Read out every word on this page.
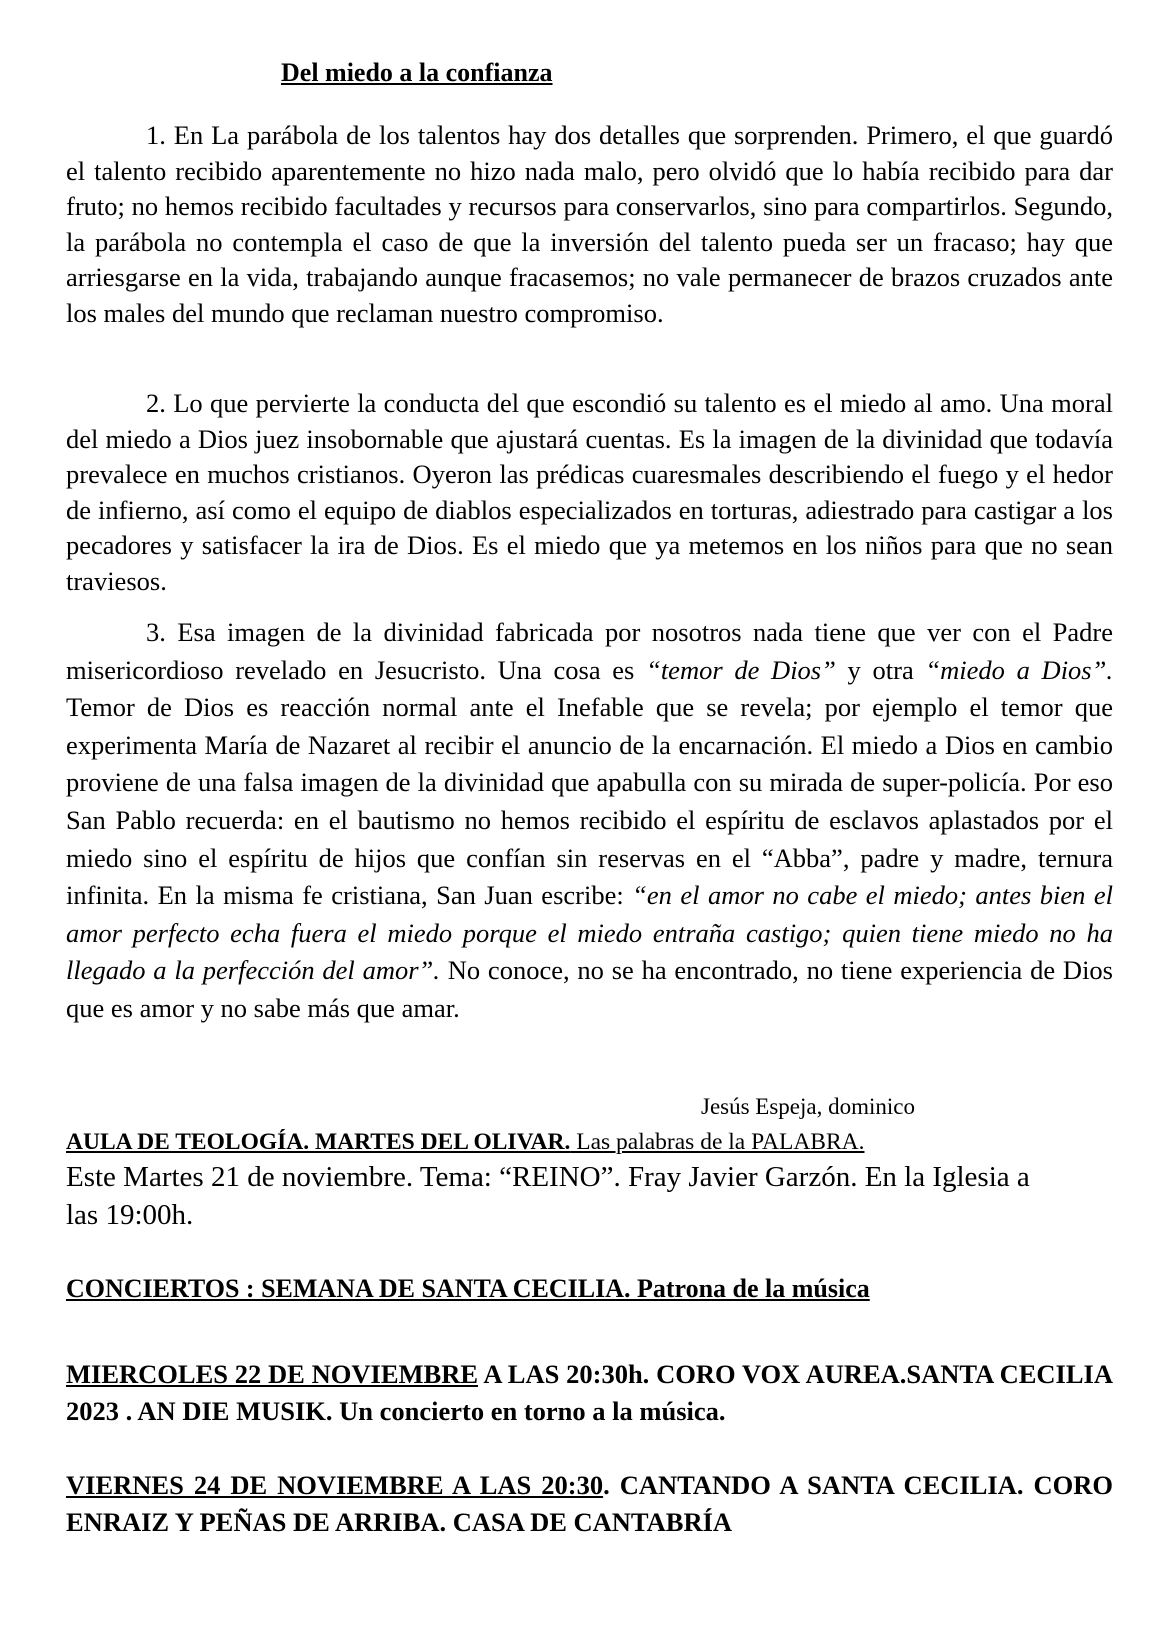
Del miedo a la confianza

1. En La parábola de los talentos hay dos detalles que sorprenden. Primero, el que guardó el talento recibido aparentemente no hizo nada malo, pero olvidó que lo había recibido para dar fruto; no hemos recibido facultades y recursos para conservarlos, sino para compartirlos. Segundo, la parábola no contempla el caso de que la inversión del talento pueda ser un fracaso; hay que arriesgarse en la vida, trabajando aunque fracasemos; no vale permanecer de brazos cruzados ante los males del mundo que reclaman nuestro compromiso.

2. Lo que pervierte la conducta del que escondió su talento es el miedo al amo. Una moral del miedo a Dios juez insobornable que ajustará cuentas. Es la imagen de la divinidad que todavía prevalece en muchos cristianos. Oyeron las prédicas cuaresmales describiendo el fuego y el hedor de infierno, así como el equipo de diablos especializados en torturas, adiestrado para castigar a los pecadores y satisfacer la ira de Dios. Es el miedo que ya metemos en los niños para que no sean traviesos.

3. Esa imagen de la divinidad fabricada por nosotros nada tiene que ver con el Padre misericordioso revelado en Jesucristo. Una cosa es “temor de Dios” y otra “miedo a Dios”. Temor de Dios es reacción normal ante el Inefable que se revela; por ejemplo el temor que experimenta María de Nazaret al recibir el anuncio de la encarnación. El miedo a Dios en cambio proviene de una falsa imagen de la divinidad que apabulla con su mirada de super-policía. Por eso San Pablo recuerda: en el bautismo no hemos recibido el espíritu de esclavos aplastados por el miedo sino el espíritu de hijos que confían sin reservas en el “Abba”, padre y madre, ternura infinita. En la misma fe cristiana, San Juan escribe: “en el amor no cabe el miedo; antes bien el amor perfecto echa fuera el miedo porque el miedo entraña castigo; quien tiene miedo no ha llegado a la perfección del amor”. No conoce, no se ha encontrado, no tiene experiencia de Dios que es amor y no sabe más que amar.

Jesús Espeja, dominico
AULA DE TEOLOGÍA. MARTES DEL OLIVAR. Las palabras de la PALABRA.

Este Martes 21 de noviembre. Tema: “REINO”. Fray Javier Garzón. En la Iglesia a las 19:00h.

CONCIERTOS : SEMANA DE SANTA CECILIA. Patrona de la música

MIERCOLES 22 DE NOVIEMBRE A LAS 20:30h. CORO VOX AUREA.SANTA CECILIA 2023 . AN DIE MUSIK. Un concierto en torno a la música.

VIERNES 24 DE NOVIEMBRE A LAS 20:30. CANTANDO A SANTA CECILIA. CORO ENRAIZ Y PEÑAS DE ARRIBA. CASA DE CANTABRÍA
